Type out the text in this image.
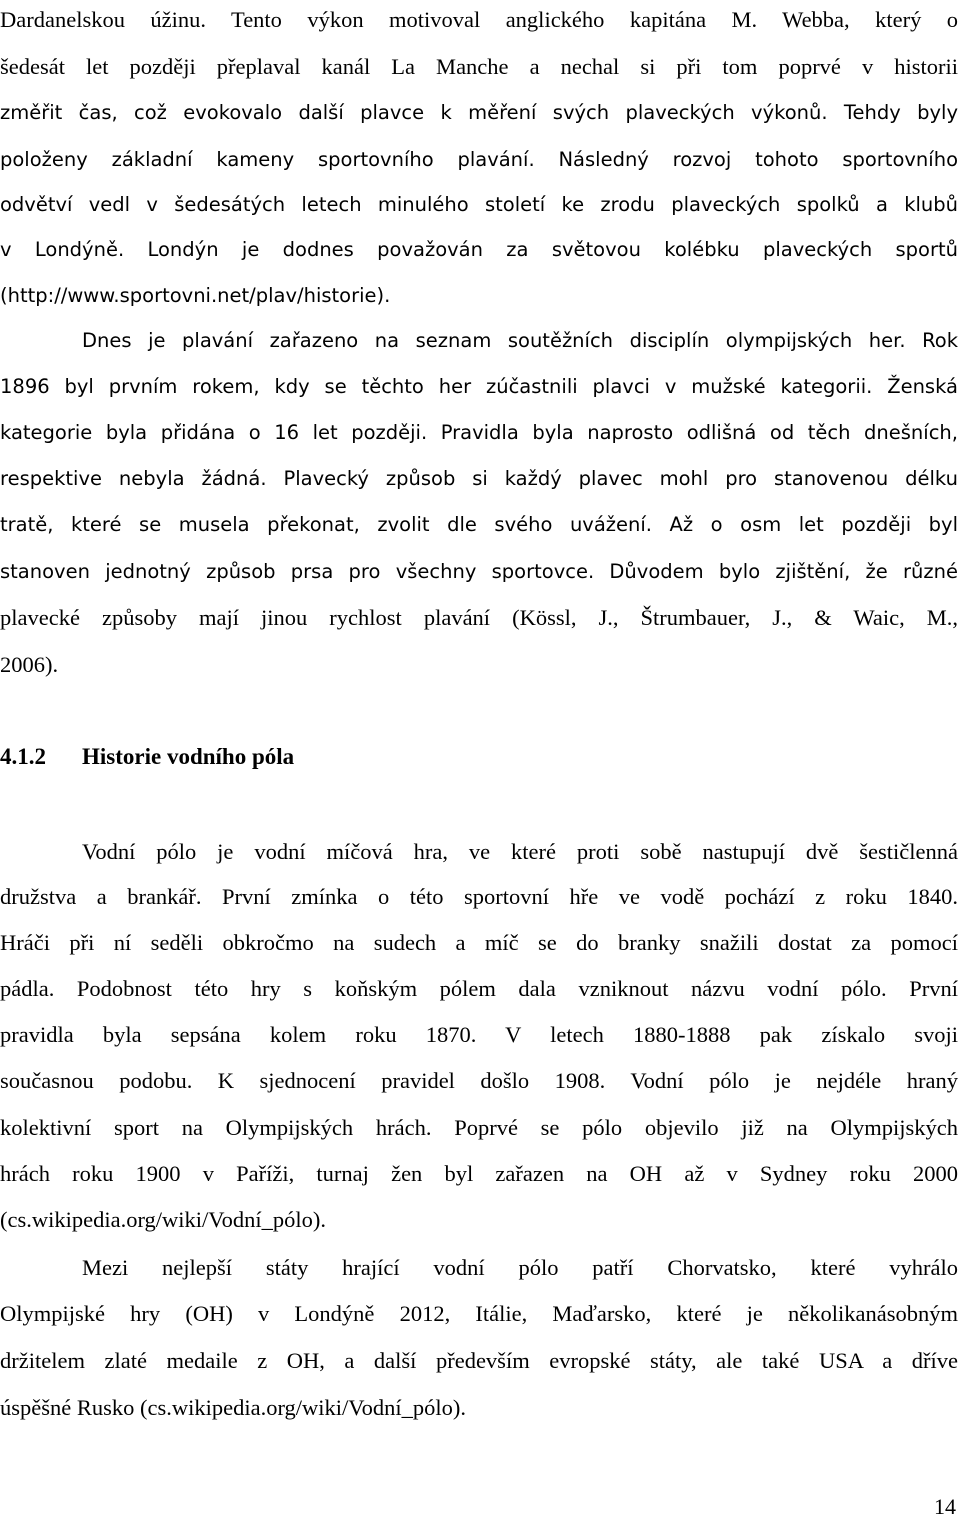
Dardanelskou úžinu. Tento výkon motivoval anglického kapitána M. Webba, který o
šedesát let později přeplaval kanál La Manche a nechal si při tom poprvé v historii
změřit čas, což evokovalo další plavce k měření svých plaveckých výkonů. Tehdy byly
položeny základní kameny sportovního plavání. Následný rozvoj tohoto sportovního
odvětví vedl v šedesátých letech minulého století ke zrodu plaveckých spolků a klubů
v Londýně. Londýn je dodnes považován za světovou kolébku plaveckých sportů
(http://www.sportovni.net/plav/historie).
Dnes je plavání zařazeno na seznam soutěžních disciplín olympijských her. Rok
1896 byl prvním rokem, kdy se těchto her zúčastnili plavci v mužské kategorii. Ženská
kategorie byla přidána o 16 let později. Pravidla byla naprosto odlišná od těch dnešních,
respektive nebyla žádná. Plavecký způsob si každý plavec mohl pro stanovenou délku
tratě, které se musela překonat, zvolit dle svého uvážení. Až o osm let později byl
stanoven jednotný způsob prsa pro všechny sportovce. Důvodem bylo zjištění, že různé
plavecké způsoby mají jinou rychlost plavání (Kössl, J., Štrumbauer, J., & Waic, M.,
2006).
4.1.2 Historie vodního póla
Vodní pólo je vodní míčová hra, ve které proti sobě nastupují dvě šestičlenná
družstva a brankář. První zmínka o této sportovní hře ve vodě pochází z roku 1840.
Hráči při ní seděli obkročmo na sudech a míč se do branky snažili dostat za pomocí
pádla. Podobnost této hry s koňským pólem dala vzniknout názvu vodní pólo. První
pravidla byla sepsána kolem roku 1870. V letech 1880-1888 pak získalo svoji
současnou podobu. K sjednocení pravidel došlo 1908. Vodní pólo je nejdéle hraný
kolektivní sport na Olympijských hrách. Poprvé se pólo objevilo již na Olympijských
hrách roku 1900 v Paříži, turnaj žen byl zařazen na OH až v Sydney roku 2000
(cs.wikipedia.org/wiki/Vodní_pólo).
Mezi nejlepší státy hrající vodní pólo patří Chorvatsko, které vyhrálo
Olympijské hry (OH) v Londýně 2012, Itálie, Maďarsko, které je několikanásobným
držitelem zlaté medaile z OH, a další především evropské státy, ale také USA a dříve
úspěšné Rusko (cs.wikipedia.org/wiki/Vodní_pólo).
14
